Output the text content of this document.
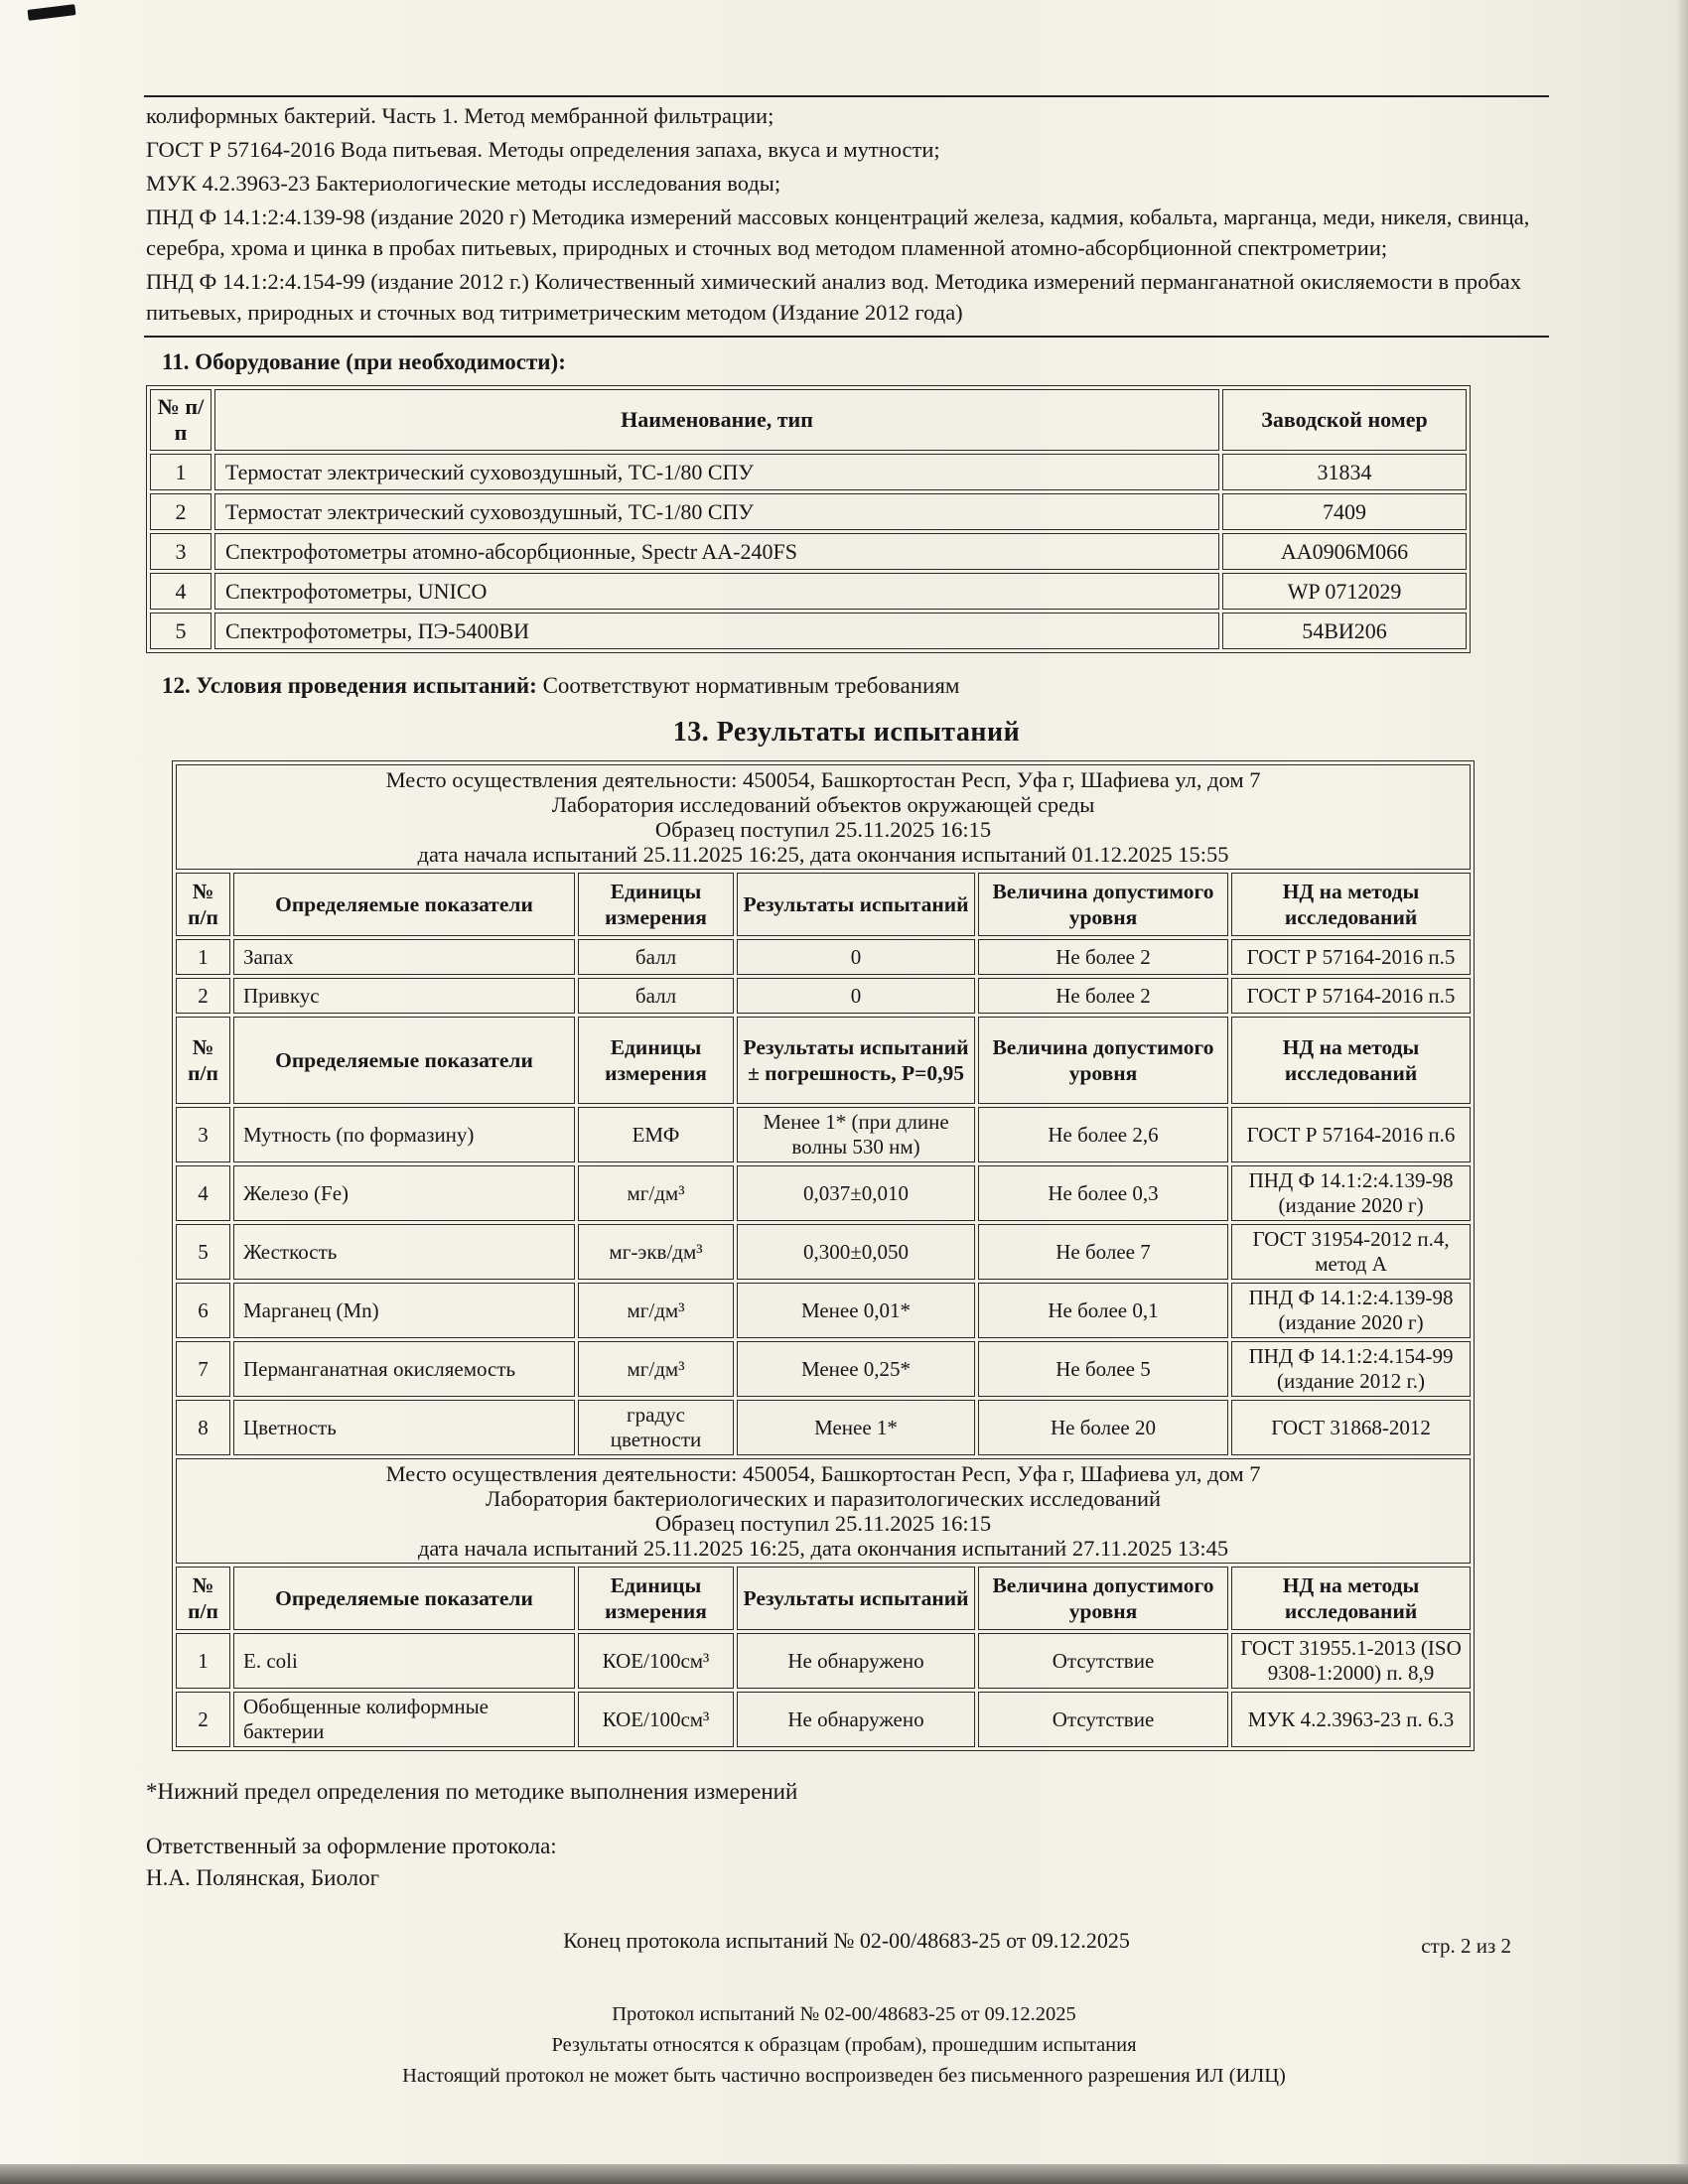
колиформных бактерий. Часть 1. Метод мембранной фильтрации;

ГОСТ Р 57164-2016 Вода питьевая. Методы определения запаха, вкуса и мутности;

МУК 4.2.3963-23 Бактериологические методы исследования воды;

ПНД Ф 14.1:2:4.139-98 (издание 2020 г) Методика измерений массовых концентраций железа, кадмия, кобальта, марганца, меди, никеля, свинца, серебра, хрома и цинка в пробах питьевых, природных и сточных вод методом пламенной атомно-абсорбционной спектрометрии;

ПНД Ф 14.1:2:4.154-99 (издание 2012 г.) Количественный химический анализ вод. Методика измерений перманганатной окисляемости в пробах питьевых, природных и сточных вод титриметрическим методом (Издание 2012 года)

11. Оборудование (при необходимости):
№ п/п	Наименование, тип	Заводской номер
1	Термостат электрический суховоздушный, ТС-1/80 СПУ	31834
2	Термостат электрический суховоздушный, ТС-1/80 СПУ	7409
3	Спектрофотометры атомно-абсорбционные, Spectr AA-240FS	AA0906M066
4	Спектрофотометры, UNICO	WP 0712029
5	Спектрофотометры, ПЭ-5400ВИ	54ВИ206
12. Условия проведения испытаний: Соответствуют нормативным требованиям
13. Результаты испытаний
Место осуществления деятельности: 450054, Башкортостан Респ, Уфа г, Шафиева ул, дом 7
Лаборатория исследований объектов окружающей среды
Образец поступил 25.11.2025 16:15
дата начала испытаний 25.11.2025 16:25, дата окончания испытаний 01.12.2025 15:55					

№ п/п	Определяемые показатели	Единицы измерения	Результаты испытаний	Величина допустимого уровня	НД на методы исследований
1	Запах	балл	0	Не более 2	ГОСТ Р 57164-2016 п.5
2	Привкус	балл	0	Не более 2	ГОСТ Р 57164-2016 п.5
№ п/п	Определяемые показатели	Единицы измерения	Результаты испытаний ± погрешность, P=0,95	Величина допустимого уровня	НД на методы исследований
3	Мутность (по формазину)	ЕМФ	Менее 1* (при длине волны 530 нм)	Не более 2,6	ГОСТ Р 57164-2016 п.6
4	Железо (Fe)	мг/дм³	0,037±0,010	Не более 0,3	ПНД Ф 14.1:2:4.139-98 (издание 2020 г)
5	Жесткость	мг-экв/дм³	0,300±0,050	Не более 7	ГОСТ 31954-2012 п.4, метод А
6	Марганец (Mn)	мг/дм³	Менее 0,01*	Не более 0,1	ПНД Ф 14.1:2:4.139-98 (издание 2020 г)
7	Перманганатная окисляемость	мг/дм³	Менее 0,25*	Не более 5	ПНД Ф 14.1:2:4.154-99 (издание 2012 г.)
8	Цветность	градус цветности	Менее 1*	Не более 20	ГОСТ 31868-2012

Место осуществления деятельности: 450054, Башкортостан Респ, Уфа г, Шафиева ул, дом 7
Лаборатория бактериологических и паразитологических исследований
Образец поступил 25.11.2025 16:15
дата начала испытаний 25.11.2025 16:25, дата окончания испытаний 27.11.2025 13:45					

№ п/п	Определяемые показатели	Единицы измерения	Результаты испытаний	Величина допустимого уровня	НД на методы исследований
1	E. coli	КОЕ/100см³	Не обнаружено	Отсутствие	ГОСТ 31955.1-2013 (ISO 9308-1:2000) п. 8,9
2	Обобщенные колиформные бактерии	КОЕ/100см³	Не обнаружено	Отсутствие	МУК 4.2.3963-23 п. 6.3
*Нижний предел определения по методике выполнения измерений
Ответственный за оформление протокола:
Н.А. Полянская, Биолог
Конец протокола испытаний № 02-00/48683-25 от 09.12.2025	стр. 2 из 2
Протокол испытаний № 02-00/48683-25 от 09.12.2025
Результаты относятся к образцам (пробам), прошедшим испытания
Настоящий протокол не может быть частично воспроизведен без письменного разрешения ИЛ (ИЛЦ)
